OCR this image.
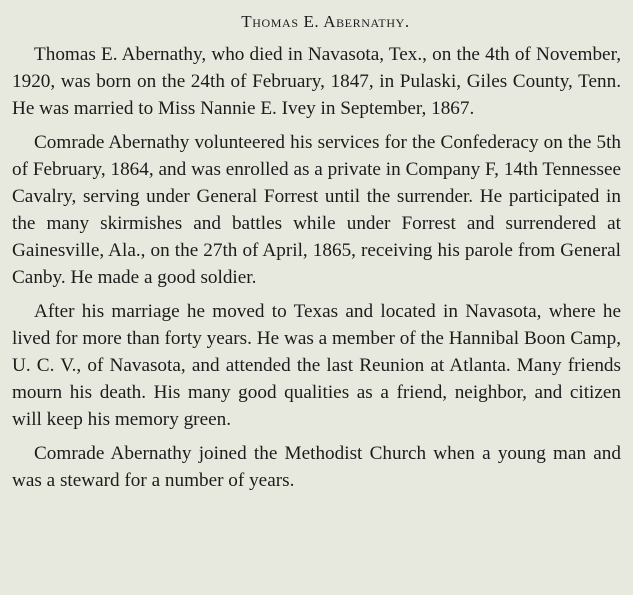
Thomas E. Abernathy.

Thomas E. Abernathy, who died in Navasota, Tex., on the 4th of November, 1920, was born on the 24th of February, 1847, in Pulaski, Giles County, Tenn. He was married to Miss Nannie E. Ivey in September, 1867.

Comrade Abernathy volunteered his services for the Confederacy on the 5th of February, 1864, and was enrolled as a private in Company F, 14th Tennessee Cavalry, serving under General Forrest until the surrender. He participated in the many skirmishes and battles while under Forrest and surrendered at Gainesville, Ala., on the 27th of April, 1865, receiving his parole from General Canby. He made a good soldier.

After his marriage he moved to Texas and located in Navasota, where he lived for more than forty years. He was a member of the Hannibal Boon Camp, U. C. V., of Navasota, and attended the last Reunion at Atlanta. Many friends mourn his death. His many good qualities as a friend, neighbor, and citizen will keep his memory green.

Comrade Abernathy joined the Methodist Church when a young man and was a steward for a number of years.
